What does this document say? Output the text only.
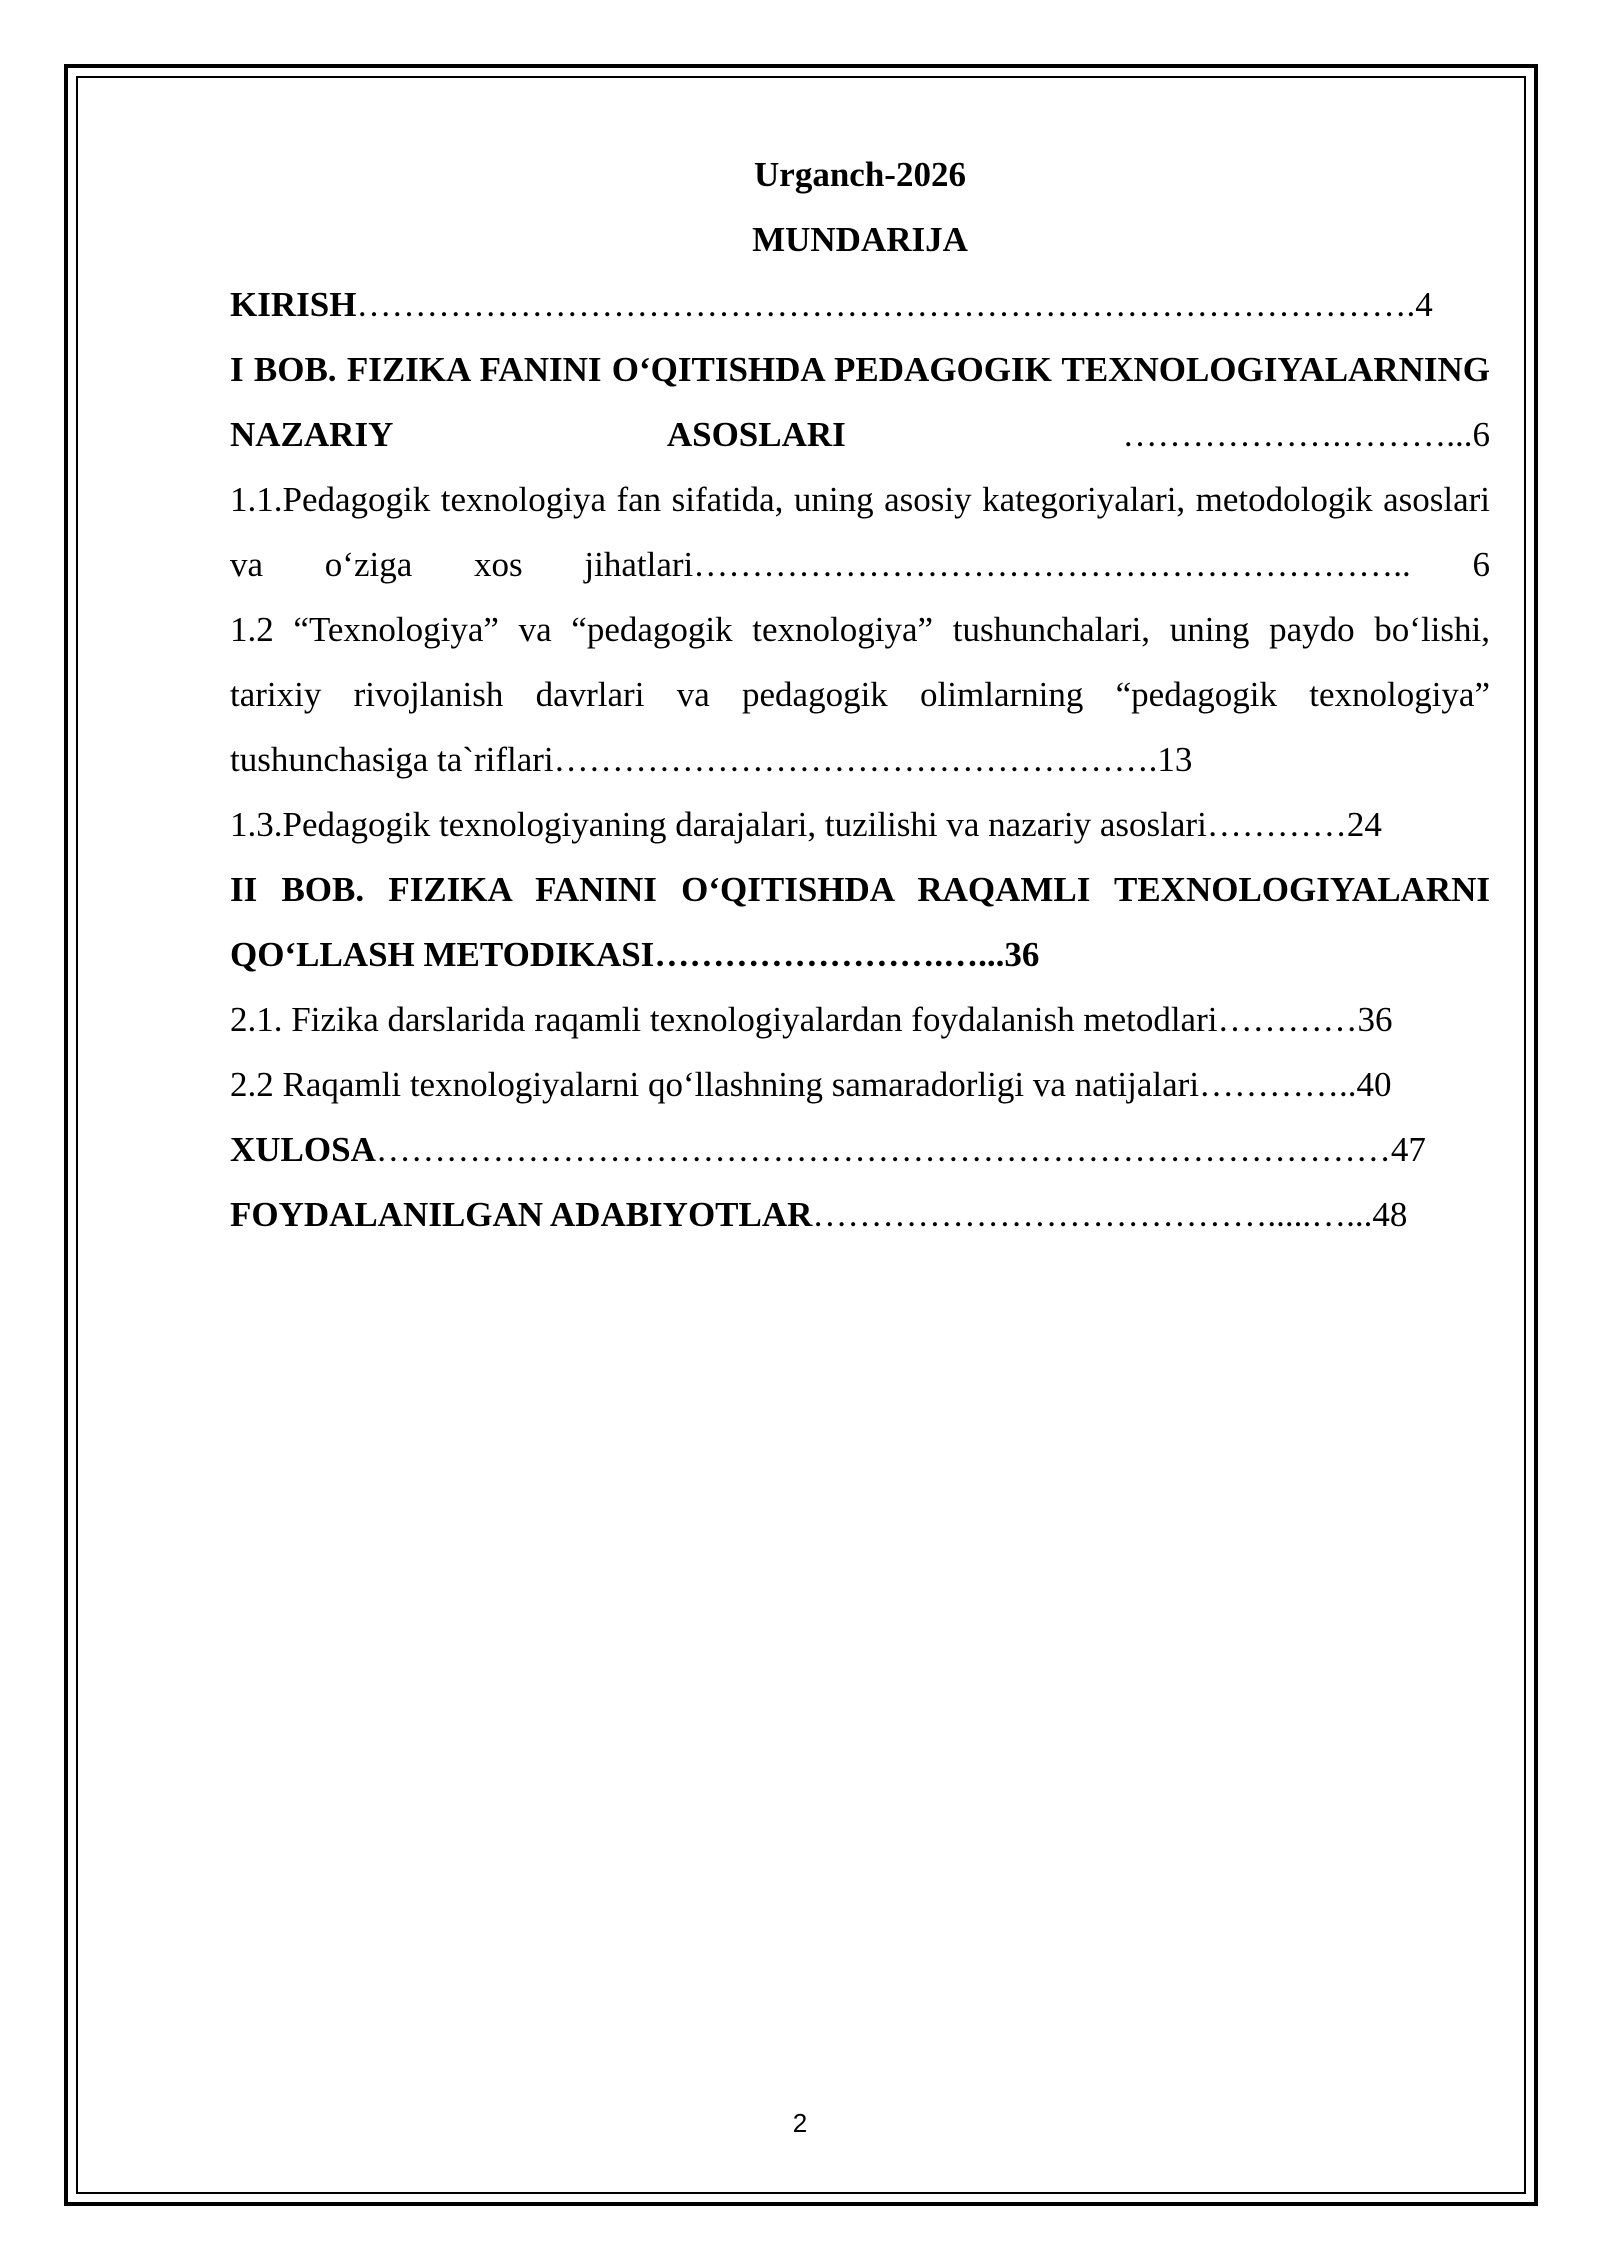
Urganch-2026
MUNDARIJA
KIRISH……………………………………………………………………………….4
I BOB. FIZIKA FANINI O‘QITISHDA PEDAGOGIK TEXNOLOGIYALARNING NAZARIY ASOSLARI ……………….………...6
1.1.Pedagogik texnologiya fan sifatida, uning asosiy kategoriyalari, metodologik asoslari va o‘ziga xos jihatlari…………………………………………………….. 6
1.2 “Texnologiya” va “pedagogik texnologiya” tushunchalari, uning paydo bo‘lishi, tarixiy rivojlanish davrlari va pedagogik olimlarning “pedagogik texnologiya” tushunchasiga ta`riflari…………………………………………….13
1.3.Pedagogik texnologiyaning darajalari, tuzilishi va nazariy asoslari…………24
II BOB. FIZIKA FANINI O‘QITISHDA RAQAMLI TEXNOLOGIYALARNI QO‘LLASH METODIKASI…………………….…...36
2.1. Fizika darslarida raqamli texnologiyalardan foydalanish metodlari…………36
2.2 Raqamli texnologiyalarni qo‘llashning samaradorligi va natijalari…………..40
XULOSA……………………………………………………………………………47
FOYDALANILGAN ADABIYOTLAR………………………………….....…...48
2
